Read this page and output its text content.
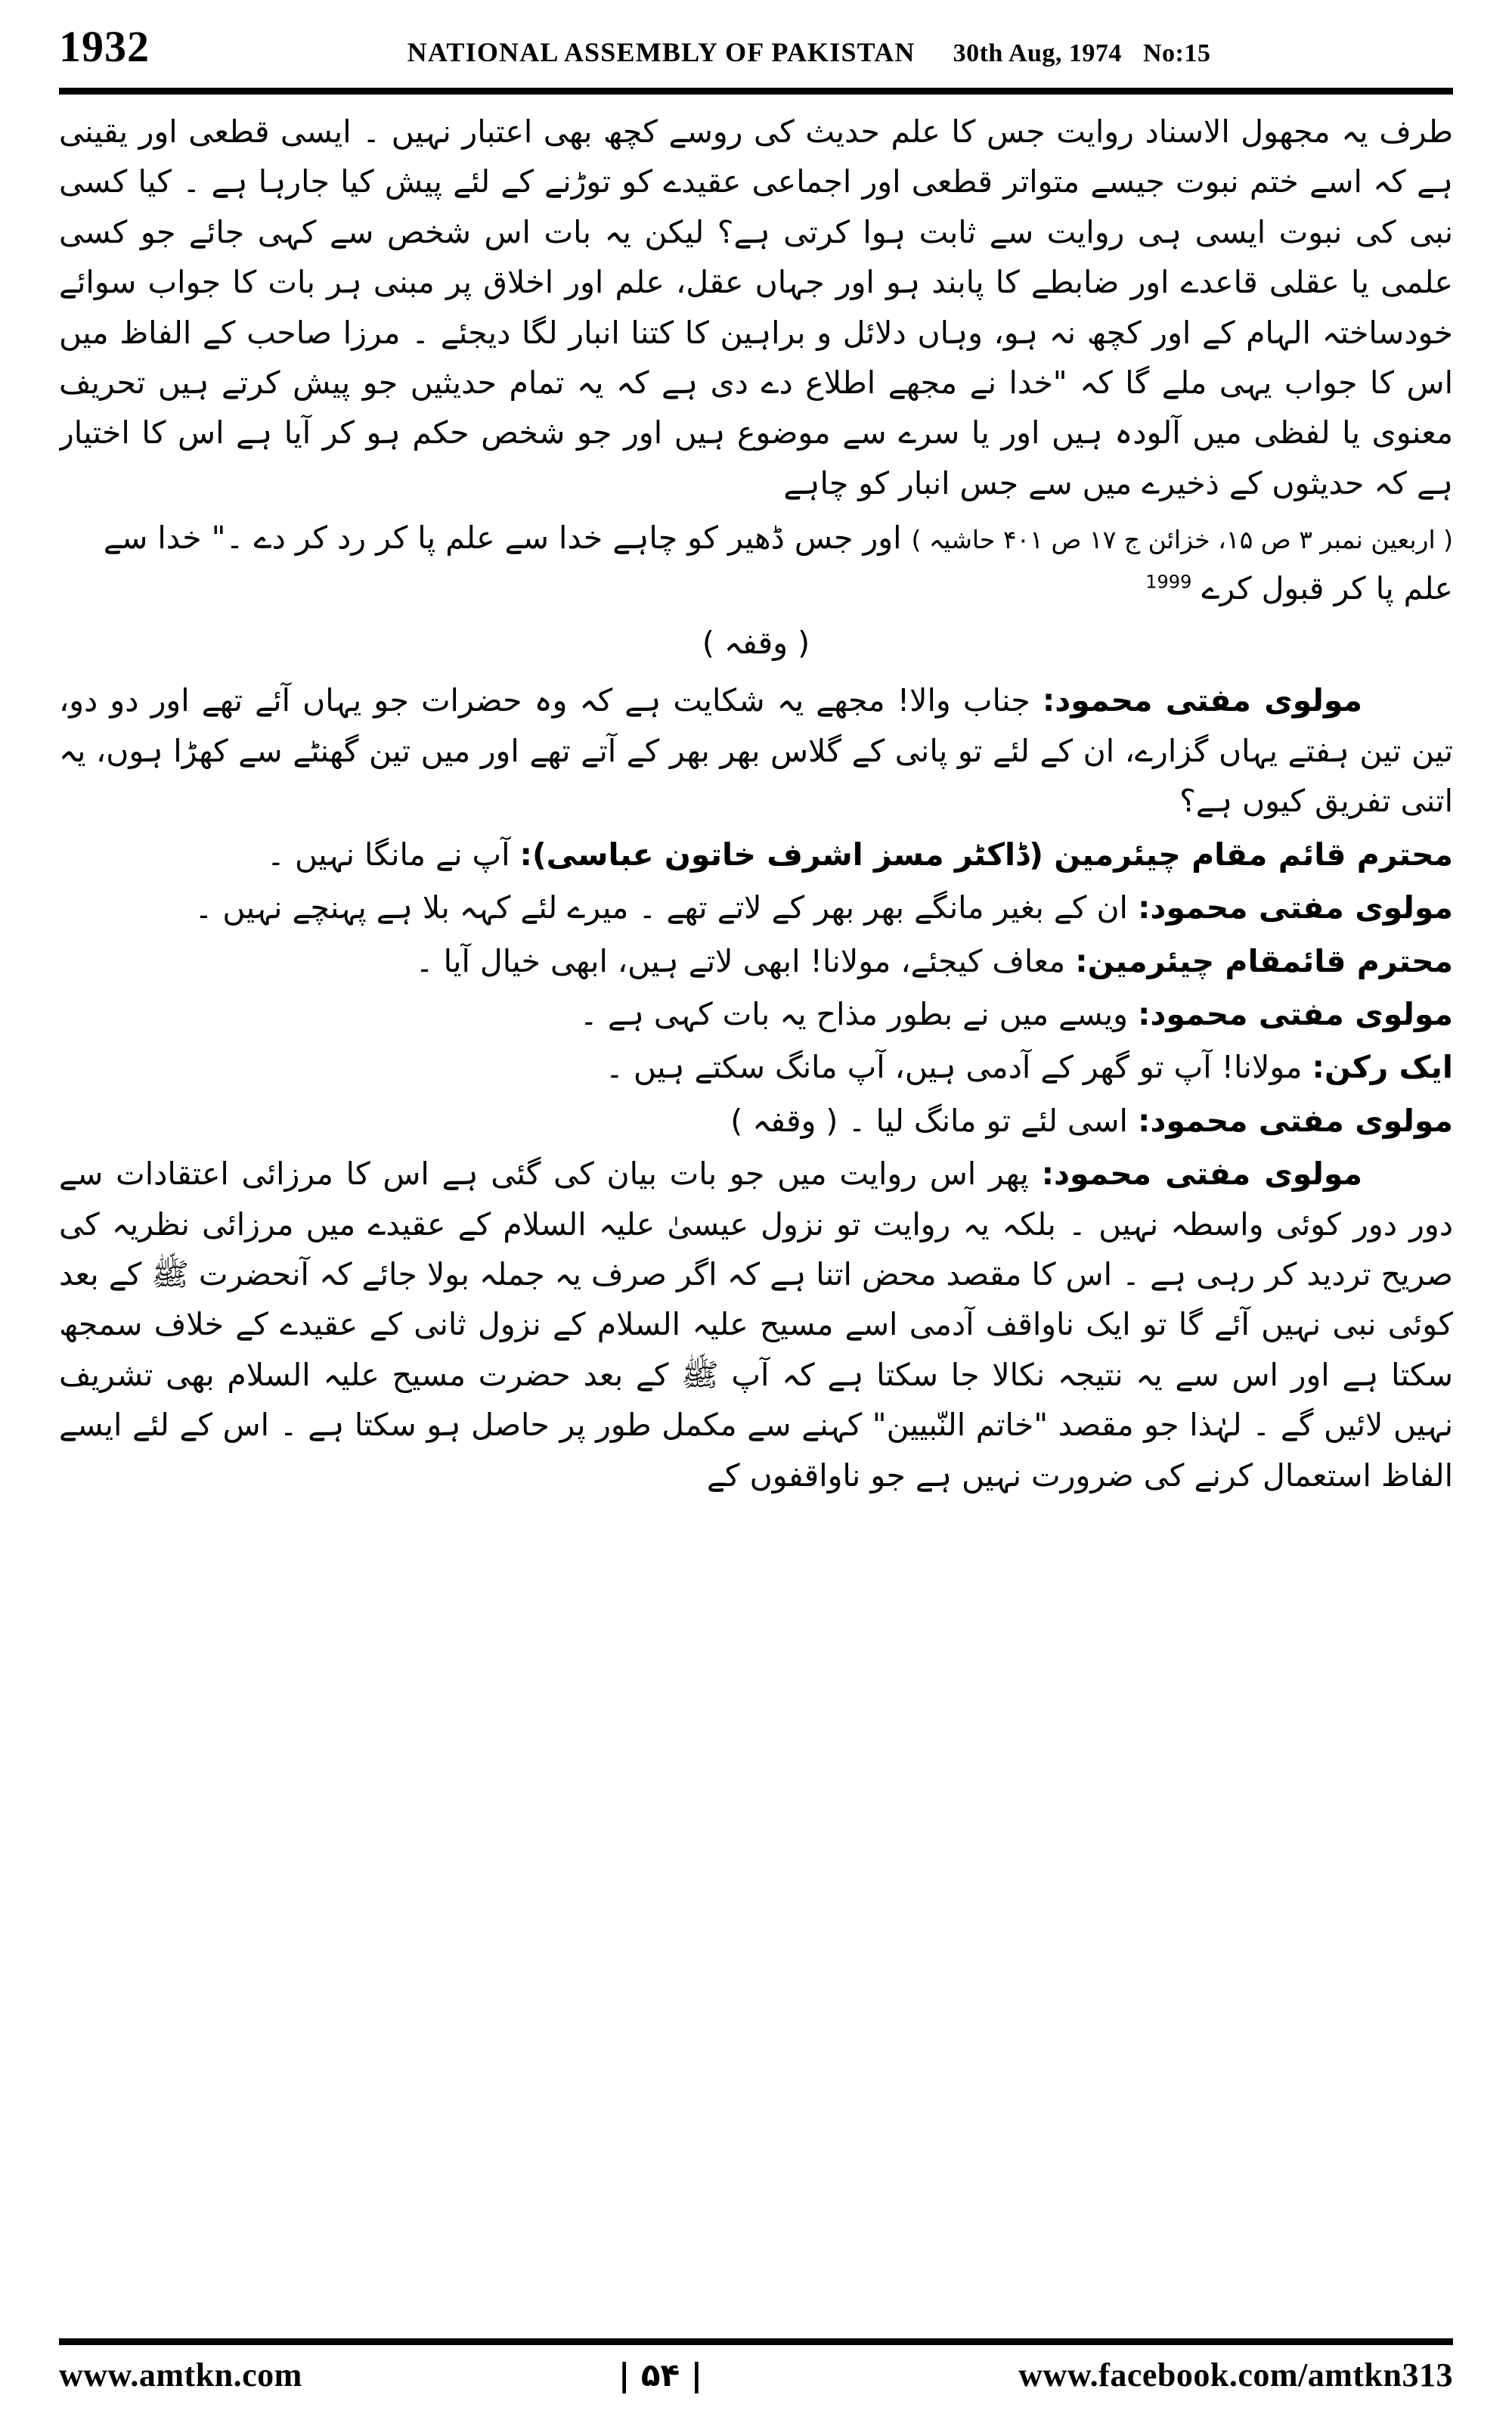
1932	NATIONAL ASSEMBLY OF PAKISTAN 30th Aug, 1974 No:15
طرف یہ مجھول الاسناد روایت جس کا علم حدیث کی روسے کچھ بھی اعتبار نہیں ۔ ایسی قطعی اور یقینی ہے کہ اسے ختم نبوت جیسے متواتر قطعی اور اجماعی عقیدے کو توڑنے کے لئے پیش کیا جارہا ہے ۔ کیا کسی نبی کی نبوت ایسی ہی روایت سے ثابت ہوا کرتی ہے؟ لیکن یہ بات اس شخص سے کہی جائے جو کسی علمی یا عقلی قاعدے اور ضابطے کا پابند ہو اور جہاں عقل، علم اور اخلاق پر مبنی ہر بات کا جواب سوائے خودساختہ الہام کے اور کچھ نہ ہو، وہاں دلائل و براہین کا کتنا انبار لگا دیجئے ۔ مرزا صاحب کے الفاظ میں اس کا جواب یہی ملے گا کہ "خدا نے مجھے اطلاع دے دی ہے کہ یہ تمام حدیثیں جو پیش کرتے ہیں تحریف معنوی یا لفظی میں آلودہ ہیں اور یا سرے سے موضوع ہیں اور جو شخص حکم ہو کر آیا ہے اس کا اختیار ہے کہ حدیثوں کے ذخیرے میں سے جس انبار کو چاہے
( اربعین نمبر ۳ ص ۱۵، خزائن ج ۱۷ ص ۴۰۱ حاشیہ ) اور جس ڈھیر کو چاہے خدا سے علم پا کر رد کر دے ۔" خدا سے علم پا کر قبول کرے $^{1999}$
( وقفہ )
مولوی مفتی محمود: جناب والا! مجھے یہ شکایت ہے کہ وہ حضرات جو یہاں آئے تھے اور دو دو، تین تین ہفتے یہاں گزارے، ان کے لئے تو پانی کے گلاس بھر بھر کے آتے تھے اور میں تین گھنٹے سے کھڑا ہوں، یہ اتنی تفریق کیوں ہے؟
محترم قائم مقام چیئرمین (ڈاکٹر مسز اشرف خاتون عباسی): آپ نے مانگا نہیں ۔
مولوی مفتی محمود: ان کے بغیر مانگے بھر بھر کے لاتے تھے ۔ میرے لئے کہہ بلا ہے پہنچے نہیں ۔
محترم قائمقام چیئرمین: معاف کیجئے، مولانا! ابھی لاتے ہیں، ابھی خیال آیا ۔
مولوی مفتی محمود: ویسے میں نے بطور مذاح یہ بات کہی ہے ۔
ایک رکن: مولانا! آپ تو گھر کے آدمی ہیں، آپ مانگ سکتے ہیں ۔
مولوی مفتی محمود: اسی لئے تو مانگ لیا ۔ ( وقفہ )
مولوی مفتی محمود: پھر اس روایت میں جو بات بیان کی گئی ہے اس کا مرزائی اعتقادات سے دور دور کوئی واسطہ نہیں ۔ بلکہ یہ روایت تو نزول عیسیٰ علیہ السلام کے عقیدے میں مرزائی نظریہ کی صریح تردید کر رہی ہے ۔ اس کا مقصد محض اتنا ہے کہ اگر صرف یہ جملہ بولا جائے کہ آنحضرت ﷺ کے بعد کوئی نبی نہیں آئے گا تو ایک ناواقف آدمی اسے مسیح علیہ السلام کے نزول ثانی کے عقیدے کے خلاف سمجھ سکتا ہے اور اس سے یہ نتیجہ نکالا جا سکتا ہے کہ آپ ﷺ کے بعد حضرت مسیح علیہ السلام بھی تشریف نہیں لائیں گے ۔ لہٰذا جو مقصد "خاتم النّبیین" کہنے سے مکمل طور پر حاصل ہو سکتا ہے ۔ اس کے لئے ایسے الفاظ استعمال کرنے کی ضرورت نہیں ہے جو ناواقفوں کے
www.amtkn.com	| ۵۴ |	www.facebook.com/amtkn313
